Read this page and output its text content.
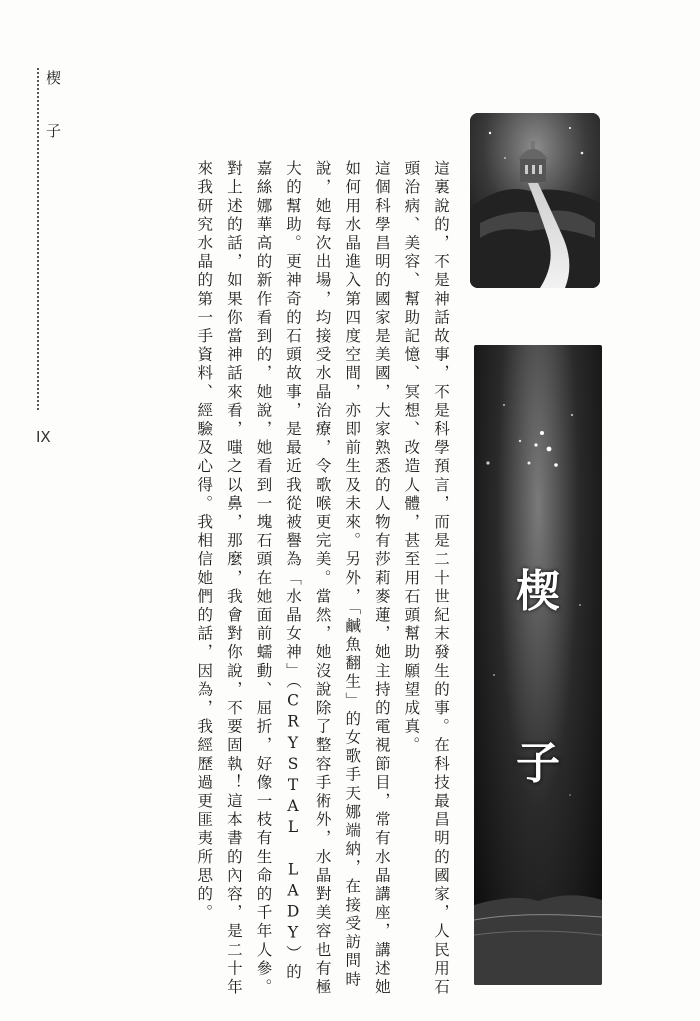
楔子
IX	這裏說的，不是神話故事，不是科學預言，而是二十世紀末發生的事。在科技最昌明的國家，人民用石頭治病、美容、幫助記憶、冥想、改造人體，甚至用石頭幫助願望成真。

這個科學昌明的國家是美國，大家熟悉的人物有莎莉麥蓮，她主持的電視節目，常有水晶講座，講述她如何用水晶進入第四度空間，亦即前生及未來。另外，「鹹魚翻生」的女歌手天娜端納，在接受訪問時說，她每次出場，均接受水晶治療，令歌喉更完美。當然，她沒說除了整容手術外，水晶對美容也有極大的幫助。更神奇的石頭故事，是最近我從被譽為「水晶女神」（CRYSTAL LADY）的嘉絲娜華高的新作看到的，她說，她看到一塊石頭在她面前蠕動、屈折，好像一枝有生命的千年人參。

對上述的話，如果你當神話來看，嗤之以鼻，那麼，我會對你說，不要固執！這本書的內容，是二十年來我研究水晶的第一手資料、經驗及心得。我相信她們的話，因為，我經歷過更匪夷所思的。	楔
子
